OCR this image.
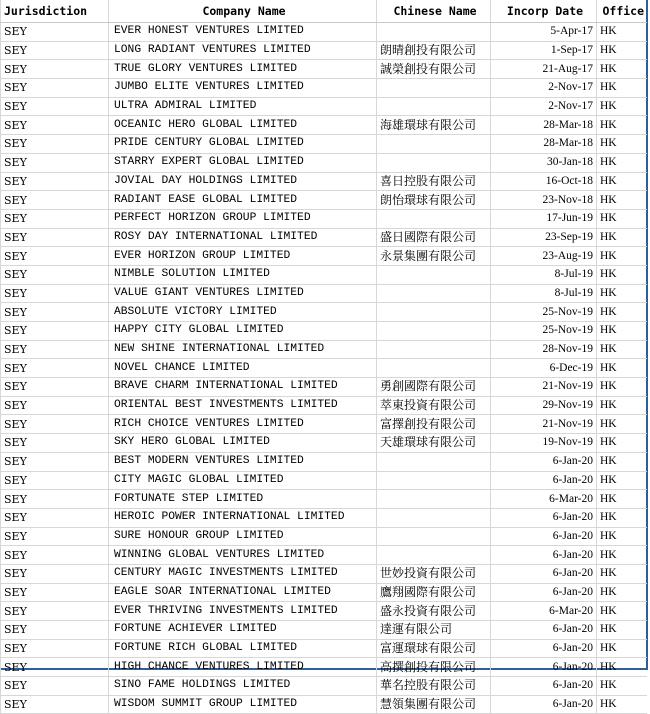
Jurisdiction	Company Name	Chinese Name	Incorp Date	Office
SEY	EVER HONEST VENTURES LIMITED		5-Apr-17	HK
SEY	LONG RADIANT VENTURES LIMITED	朗晴創投有限公司	1-Sep-17	HK
SEY	TRUE GLORY VENTURES LIMITED	誠榮創投有限公司	21-Aug-17	HK
SEY	JUMBO ELITE VENTURES LIMITED		2-Nov-17	HK
SEY	ULTRA ADMIRAL LIMITED		2-Nov-17	HK
SEY	OCEANIC HERO GLOBAL LIMITED	海雄環球有限公司	28-Mar-18	HK
SEY	PRIDE CENTURY GLOBAL LIMITED		28-Mar-18	HK
SEY	STARRY EXPERT GLOBAL LIMITED		30-Jan-18	HK
SEY	JOVIAL DAY HOLDINGS LIMITED	喜日控股有限公司	16-Oct-18	HK
SEY	RADIANT EASE GLOBAL LIMITED	朗怡環球有限公司	23-Nov-18	HK
SEY	PERFECT HORIZON GROUP LIMITED		17-Jun-19	HK
SEY	ROSY DAY INTERNATIONAL LIMITED	盛日國際有限公司	23-Sep-19	HK
SEY	EVER HORIZON GROUP LIMITED	永景集團有限公司	23-Aug-19	HK
SEY	NIMBLE SOLUTION LIMITED		8-Jul-19	HK
SEY	VALUE GIANT VENTURES LIMITED		8-Jul-19	HK
SEY	ABSOLUTE VICTORY LIMITED		25-Nov-19	HK
SEY	HAPPY CITY GLOBAL LIMITED		25-Nov-19	HK
SEY	NEW SHINE INTERNATIONAL LIMITED		28-Nov-19	HK
SEY	NOVEL CHANCE LIMITED		6-Dec-19	HK
SEY	BRAVE CHARM INTERNATIONAL LIMITED	勇創國際有限公司	21-Nov-19	HK
SEY	ORIENTAL BEST INVESTMENTS LIMITED	萃東投資有限公司	29-Nov-19	HK
SEY	RICH CHOICE VENTURES LIMITED	富擇創投有限公司	21-Nov-19	HK
SEY	SKY HERO GLOBAL LIMITED	天雄環球有限公司	19-Nov-19	HK
SEY	BEST MODERN VENTURES LIMITED		6-Jan-20	HK
SEY	CITY MAGIC GLOBAL LIMITED		6-Jan-20	HK
SEY	FORTUNATE STEP LIMITED		6-Mar-20	HK
SEY	HEROIC POWER INTERNATIONAL LIMITED		6-Jan-20	HK
SEY	SURE HONOUR GROUP LIMITED		6-Jan-20	HK
SEY	WINNING GLOBAL VENTURES LIMITED		6-Jan-20	HK
SEY	CENTURY MAGIC INVESTMENTS LIMITED	世妙投資有限公司	6-Jan-20	HK
SEY	EAGLE SOAR INTERNATIONAL LIMITED	鷹翔國際有限公司	6-Jan-20	HK
SEY	EVER THRIVING INVESTMENTS LIMITED	盛永投資有限公司	6-Mar-20	HK
SEY	FORTUNE ACHIEVER LIMITED	達運有限公司	6-Jan-20	HK
SEY	FORTUNE RICH GLOBAL LIMITED	富運環球有限公司	6-Jan-20	HK
SEY	HIGH CHANCE VENTURES LIMITED	高撰創投有限公司	6-Jan-20	HK
SEY	SINO FAME HOLDINGS LIMITED	華名控股有限公司	6-Jan-20	HK
SEY	WISDOM SUMMIT GROUP LIMITED	慧領集團有限公司	6-Jan-20	HK
